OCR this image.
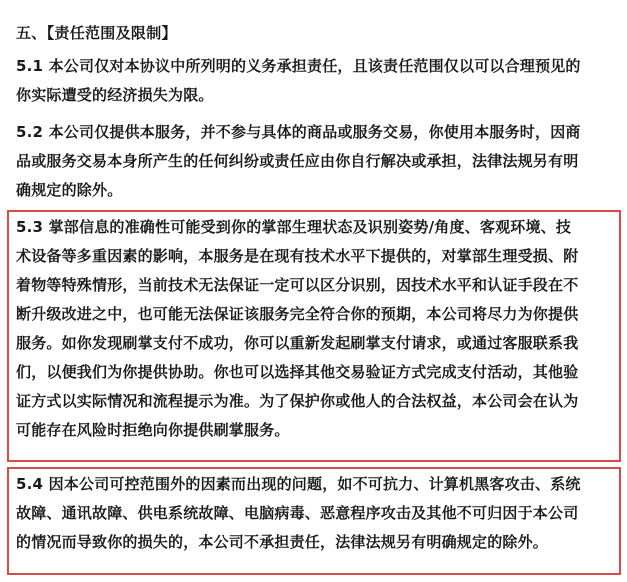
五、【责任范围及限制】
5.1 本公司仅对本协议中所列明的义务承担责任，且该责任范围仅以可以合理预见的
你实际遭受的经济损失为限。
5.2 本公司仅提供本服务，并不参与具体的商品或服务交易，你使用本服务时，因商
品或服务交易本身所产生的任何纠纷或责任应由你自行解决或承担，法律法规另有明
确规定的除外。
5.3 掌部信息的准确性可能受到你的掌部生理状态及识别姿势/角度、客观环境、技
术设备等多重因素的影响，本服务是在现有技术水平下提供的，对掌部生理受损、附
着物等特殊情形，当前技术无法保证一定可以区分识别，因技术水平和认证手段在不
断升级改进之中，也可能无法保证该服务完全符合你的预期，本公司将尽力为你提供
服务。如你发现刷掌支付不成功，你可以重新发起刷掌支付请求，或通过客服联系我
们，以便我们为你提供协助。你也可以选择其他交易验证方式完成支付活动，其他验
证方式以实际情况和流程提示为准。为了保护你或他人的合法权益，本公司会在认为
可能存在风险时拒绝向你提供刷掌服务。
5.4 因本公司可控范围外的因素而出现的问题，如不可抗力、计算机黑客攻击、系统
故障、通讯故障、供电系统故障、电脑病毒、恶意程序攻击及其他不可归因于本公司
的情况而导致你的损失的，本公司不承担责任，法律法规另有明确规定的除外。
